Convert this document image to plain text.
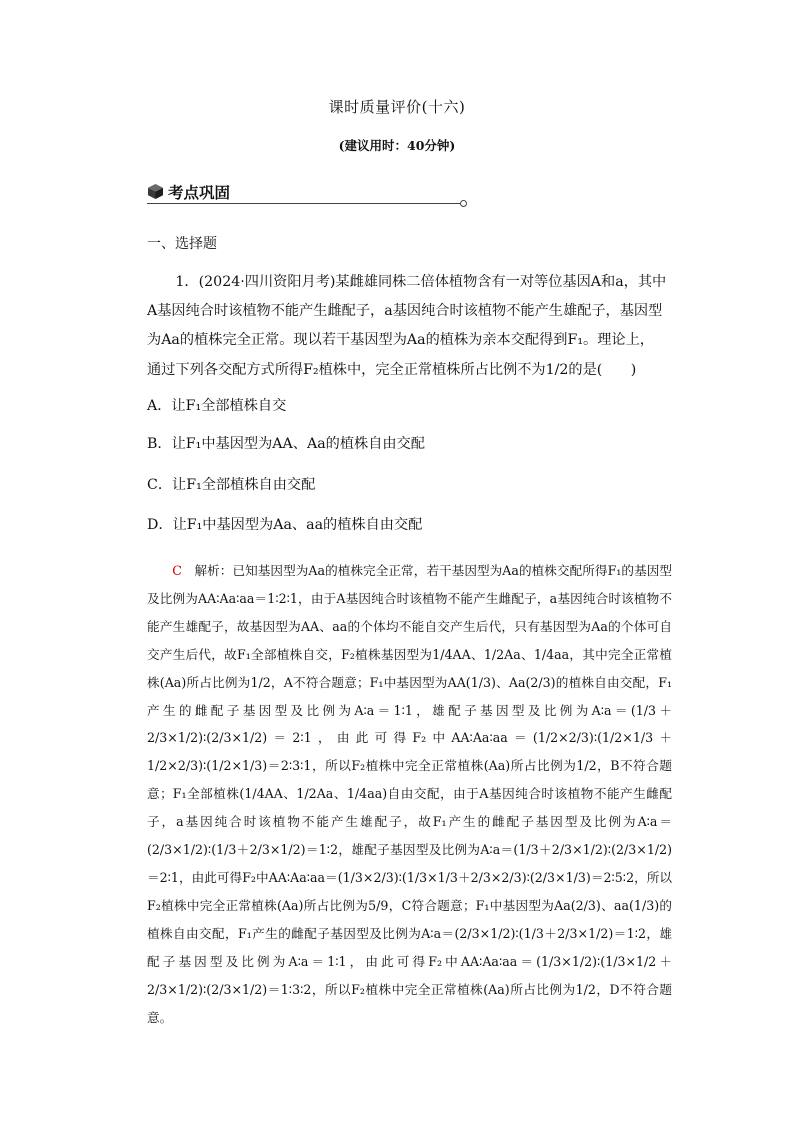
课时质量评价(十六)
(建议用时：40分钟)
考点巩固
一、选择题

1．(2024·四川资阳月考)某雌雄同株二倍体植物含有一对等位基因A和a，其中A基因纯合时该植物不能产生雌配子，a基因纯合时该植物不能产生雄配子，基因型为Aa的植株完全正常。现以若干基因型为Aa的植株为亲本交配得到F₁。理论上，通过下列各交配方式所得F₂植株中，完全正常植株所占比例不为1/2的是(　　)

A．让F₁全部植株自交
B．让F₁中基因型为AA、Aa的植株自由交配
C．让F₁全部植株自由交配
D．让F₁中基因型为Aa、aa的植株自由交配
C  解析：已知基因型为Aa的植株完全正常，若干基因型为Aa的植株交配所得F₁的基因型及比例为AA∶Aa∶aa＝1∶2∶1，由于A基因纯合时该植物不能产生雌配子，a基因纯合时该植物不能产生雄配子，故基因型为AA、aa的个体均不能自交产生后代，只有基因型为Aa的个体可自交产生后代，故F₁全部植株自交，F₂植株基因型为1/4AA、1/2Aa、1/4aa，其中完全正常植株(Aa)所占比例为1/2，A不符合题意；F₁中基因型为AA(1/3)、Aa(2/3)的植株自由交配，F₁产生的雌配子基因型及比例为A∶a＝1∶1，雄配子基因型及比例为A∶a＝(1/3＋2/3×1/2)∶(2/3×1/2)＝2∶1，由此可得F₂中AA∶Aa∶aa＝(1/2×2/3)∶(1/2×1/3＋1/2×2/3)∶(1/2×1/3)＝2∶3∶1，所以F₂植株中完全正常植株(Aa)所占比例为1/2，B不符合题意；F₁全部植株(1/4AA、1/2Aa、1/4aa)自由交配，由于A基因纯合时该植物不能产生雌配子，a基因纯合时该植物不能产生雄配子，故F₁产生的雌配子基因型及比例为A∶a＝(2/3×1/2)∶(1/3＋2/3×1/2)＝1∶2，雄配子基因型及比例为A∶a＝(1/3＋2/3×1/2)∶(2/3×1/2)＝2∶1，由此可得F₂中AA∶Aa∶aa＝(1/3×2/3)∶(1/3×1/3＋2/3×2/3)∶(2/3×1/3)＝2∶5∶2，所以F₂植株中完全正常植株(Aa)所占比例为5/9，C符合题意；F₁中基因型为Aa(2/3)、aa(1/3)的植株自由交配，F₁产生的雌配子基因型及比例为A∶a＝(2/3×1/2)∶(1/3＋2/3×1/2)＝1∶2，雄配子基因型及比例为A∶a＝1∶1，由此可得F₂中AA∶Aa∶aa＝(1/3×1/2)∶(1/3×1/2＋2/3×1/2)∶(2/3×1/2)＝1∶3∶2，所以F₂植株中完全正常植株(Aa)所占比例为1/2，D不符合题意。
